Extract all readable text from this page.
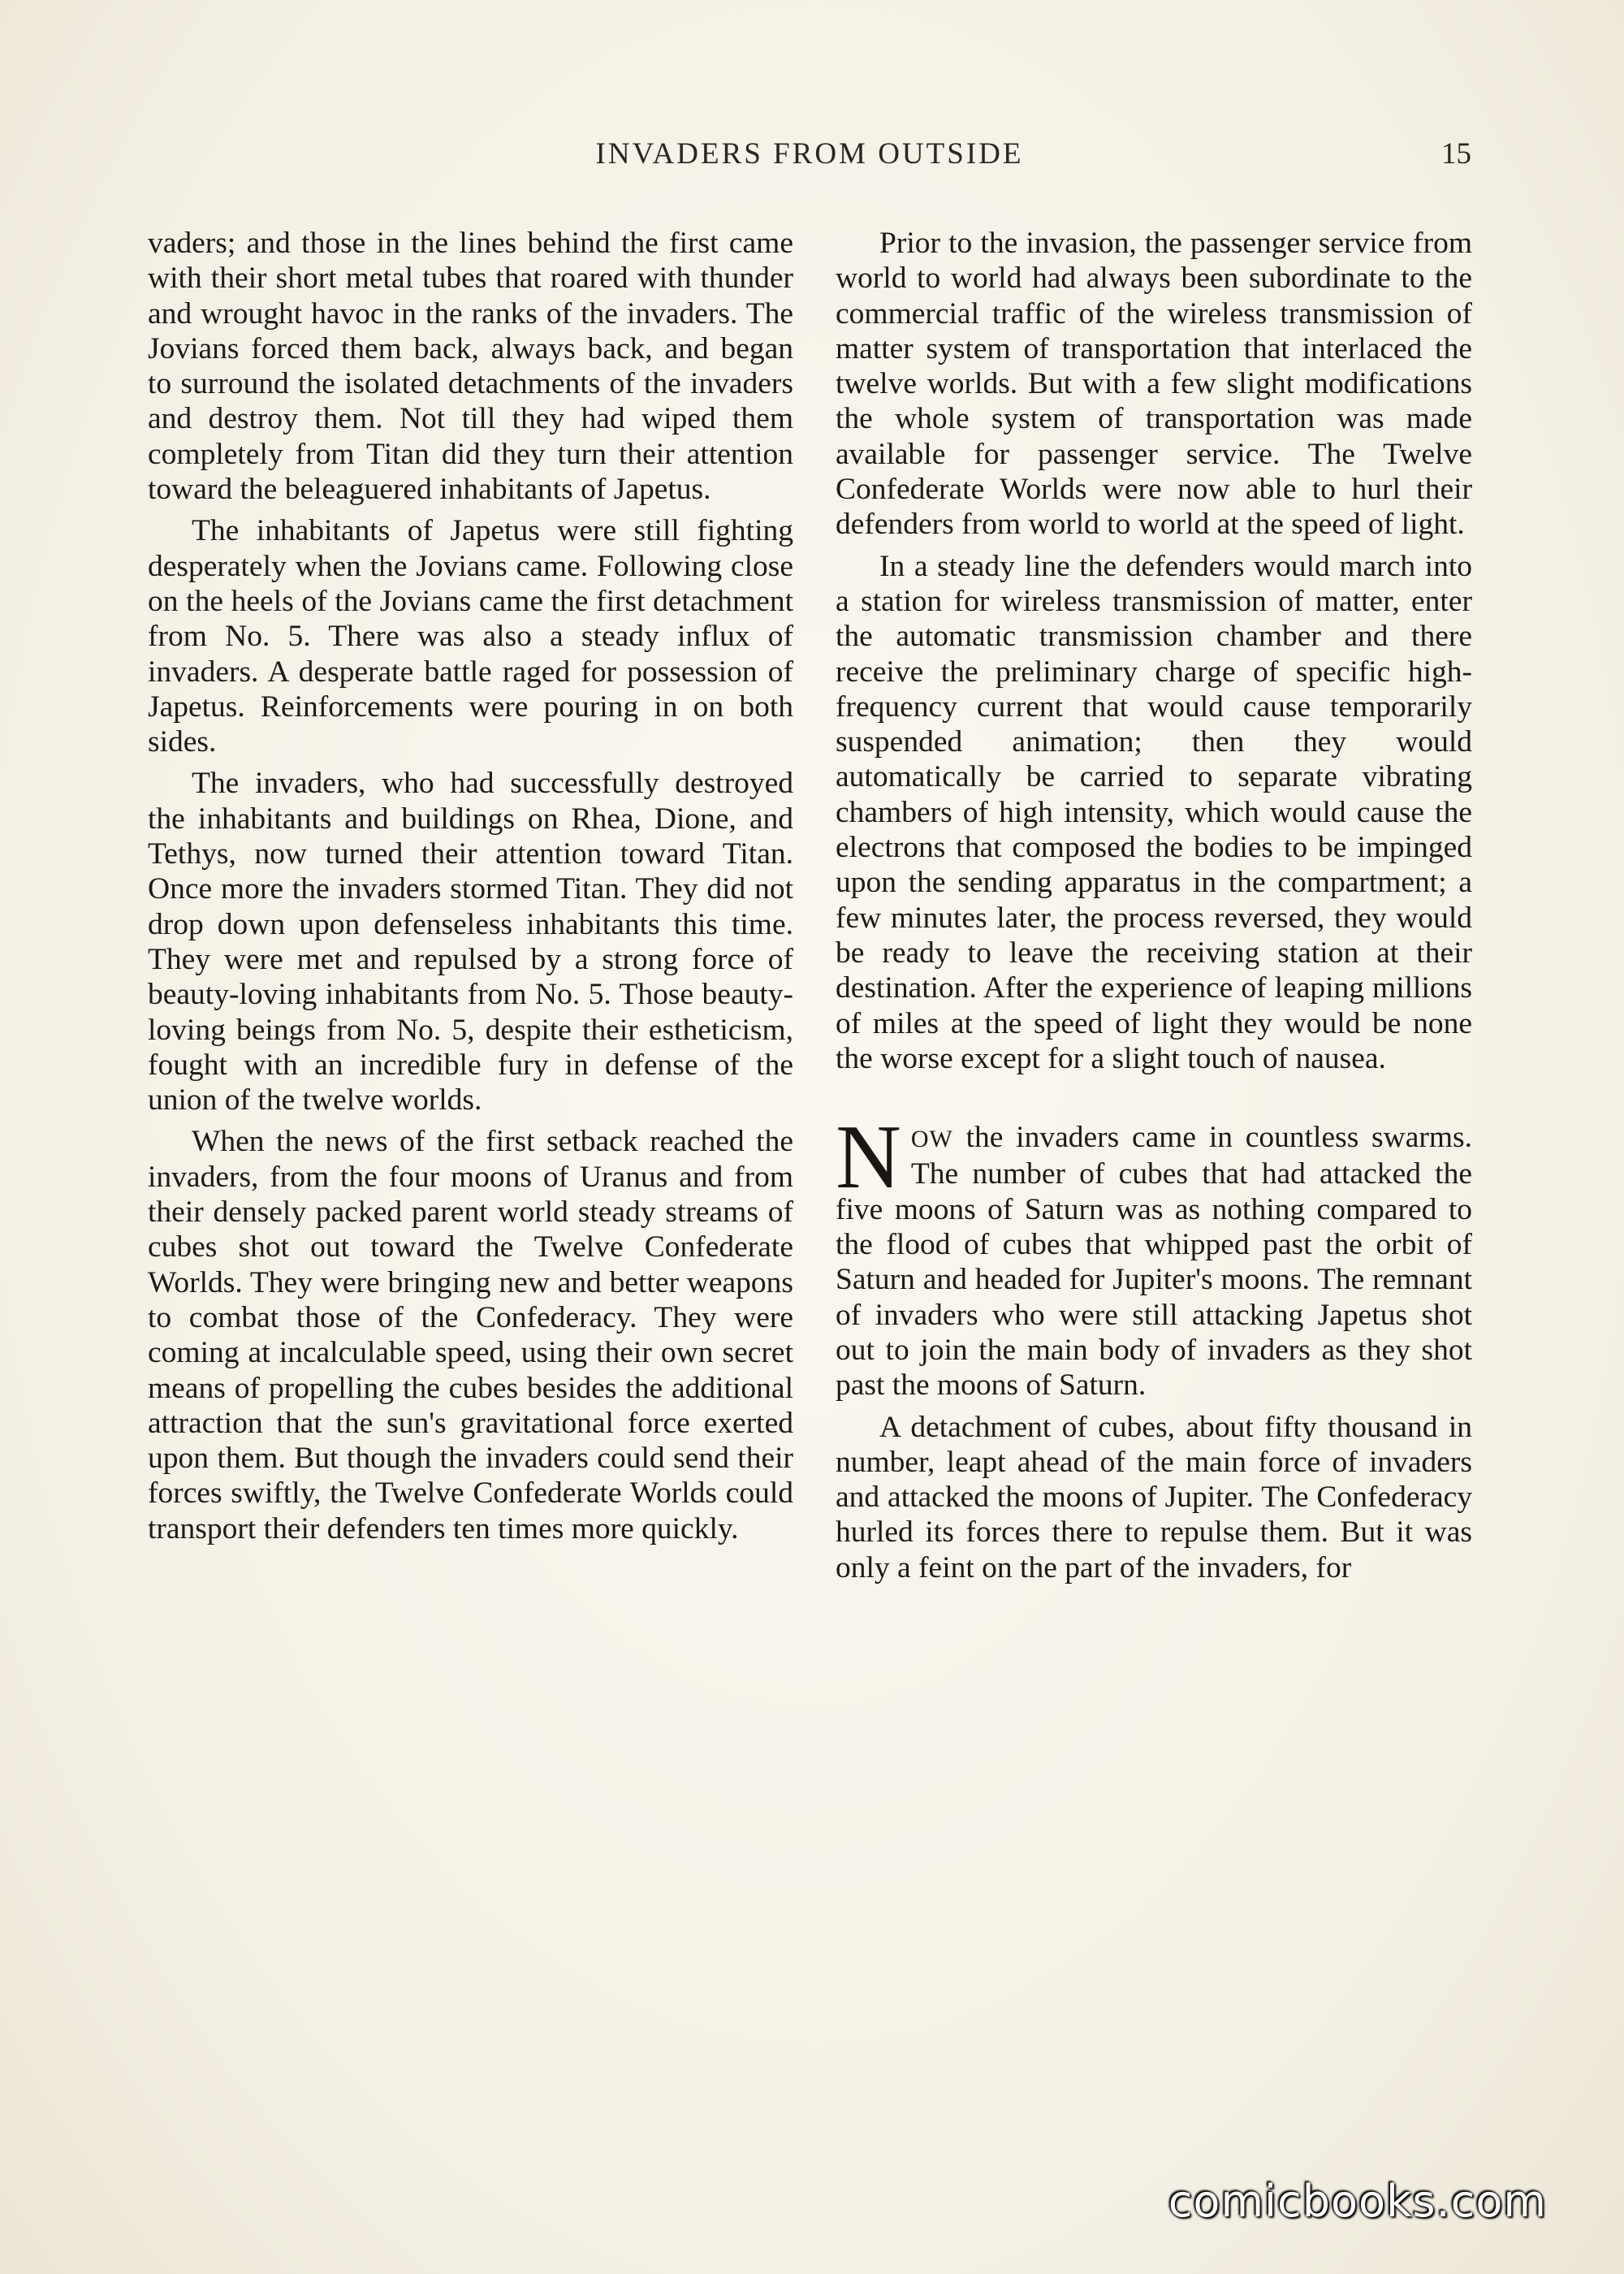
INVADERS FROM OUTSIDE	15

vaders; and those in the lines behind the first came with their short metal tubes that roared with thunder and wrought havoc in the ranks of the invaders. The Jovians forced them back, always back, and began to surround the isolated detachments of the invaders and destroy them. Not till they had wiped them completely from Titan did they turn their attention toward the beleaguered inhabitants of Japetus.

The inhabitants of Japetus were still fighting desperately when the Jovians came. Following close on the heels of the Jovians came the first detachment from No. 5. There was also a steady influx of invaders. A desperate battle raged for possession of Japetus. Reinforcements were pouring in on both sides.

The invaders, who had successfully destroyed the inhabitants and buildings on Rhea, Dione, and Tethys, now turned their attention toward Titan. Once more the invaders stormed Titan. They did not drop down upon defenseless inhabitants this time. They were met and repulsed by a strong force of beauty-loving inhabitants from No. 5. Those beauty-loving beings from No. 5, despite their estheticism, fought with an incredible fury in defense of the union of the twelve worlds.

When the news of the first setback reached the invaders, from the four moons of Uranus and from their densely packed parent world steady streams of cubes shot out toward the Twelve Confederate Worlds. They were bringing new and better weapons to combat those of the Confederacy. They were coming at incalculable speed, using their own secret means of propelling the cubes besides the additional attraction that the sun's gravitational force exerted upon them. But though the invaders could send their forces swiftly, the Twelve Confederate Worlds could transport their defenders ten times more quickly.

Prior to the invasion, the passenger service from world to world had always been subordinate to the commercial traffic of the wireless transmission of matter system of transportation that interlaced the twelve worlds. But with a few slight modifications the whole system of transportation was made available for passenger service. The Twelve Confederate Worlds were now able to hurl their defenders from world to world at the speed of light.

In a steady line the defenders would march into a station for wireless transmission of matter, enter the automatic transmission chamber and there receive the preliminary charge of specific high-frequency current that would cause temporarily suspended animation; then they would automatically be carried to separate vibrating chambers of high intensity, which would cause the electrons that composed the bodies to be impinged upon the sending apparatus in the compartment; a few minutes later, the process reversed, they would be ready to leave the receiving station at their destination. After the experience of leaping millions of miles at the speed of light they would be none the worse except for a slight touch of nausea.

NOW the invaders came in countless swarms. The number of cubes that had attacked the five moons of Saturn was as nothing compared to the flood of cubes that whipped past the orbit of Saturn and headed for Jupiter's moons. The remnant of invaders who were still attacking Japetus shot out to join the main body of invaders as they shot past the moons of Saturn.

A detachment of cubes, about fifty thousand in number, leapt ahead of the main force of invaders and attacked the moons of Jupiter. The Confederacy hurled its forces there to repulse them. But it was only a feint on the part of the invaders, for

comicbooks.com
